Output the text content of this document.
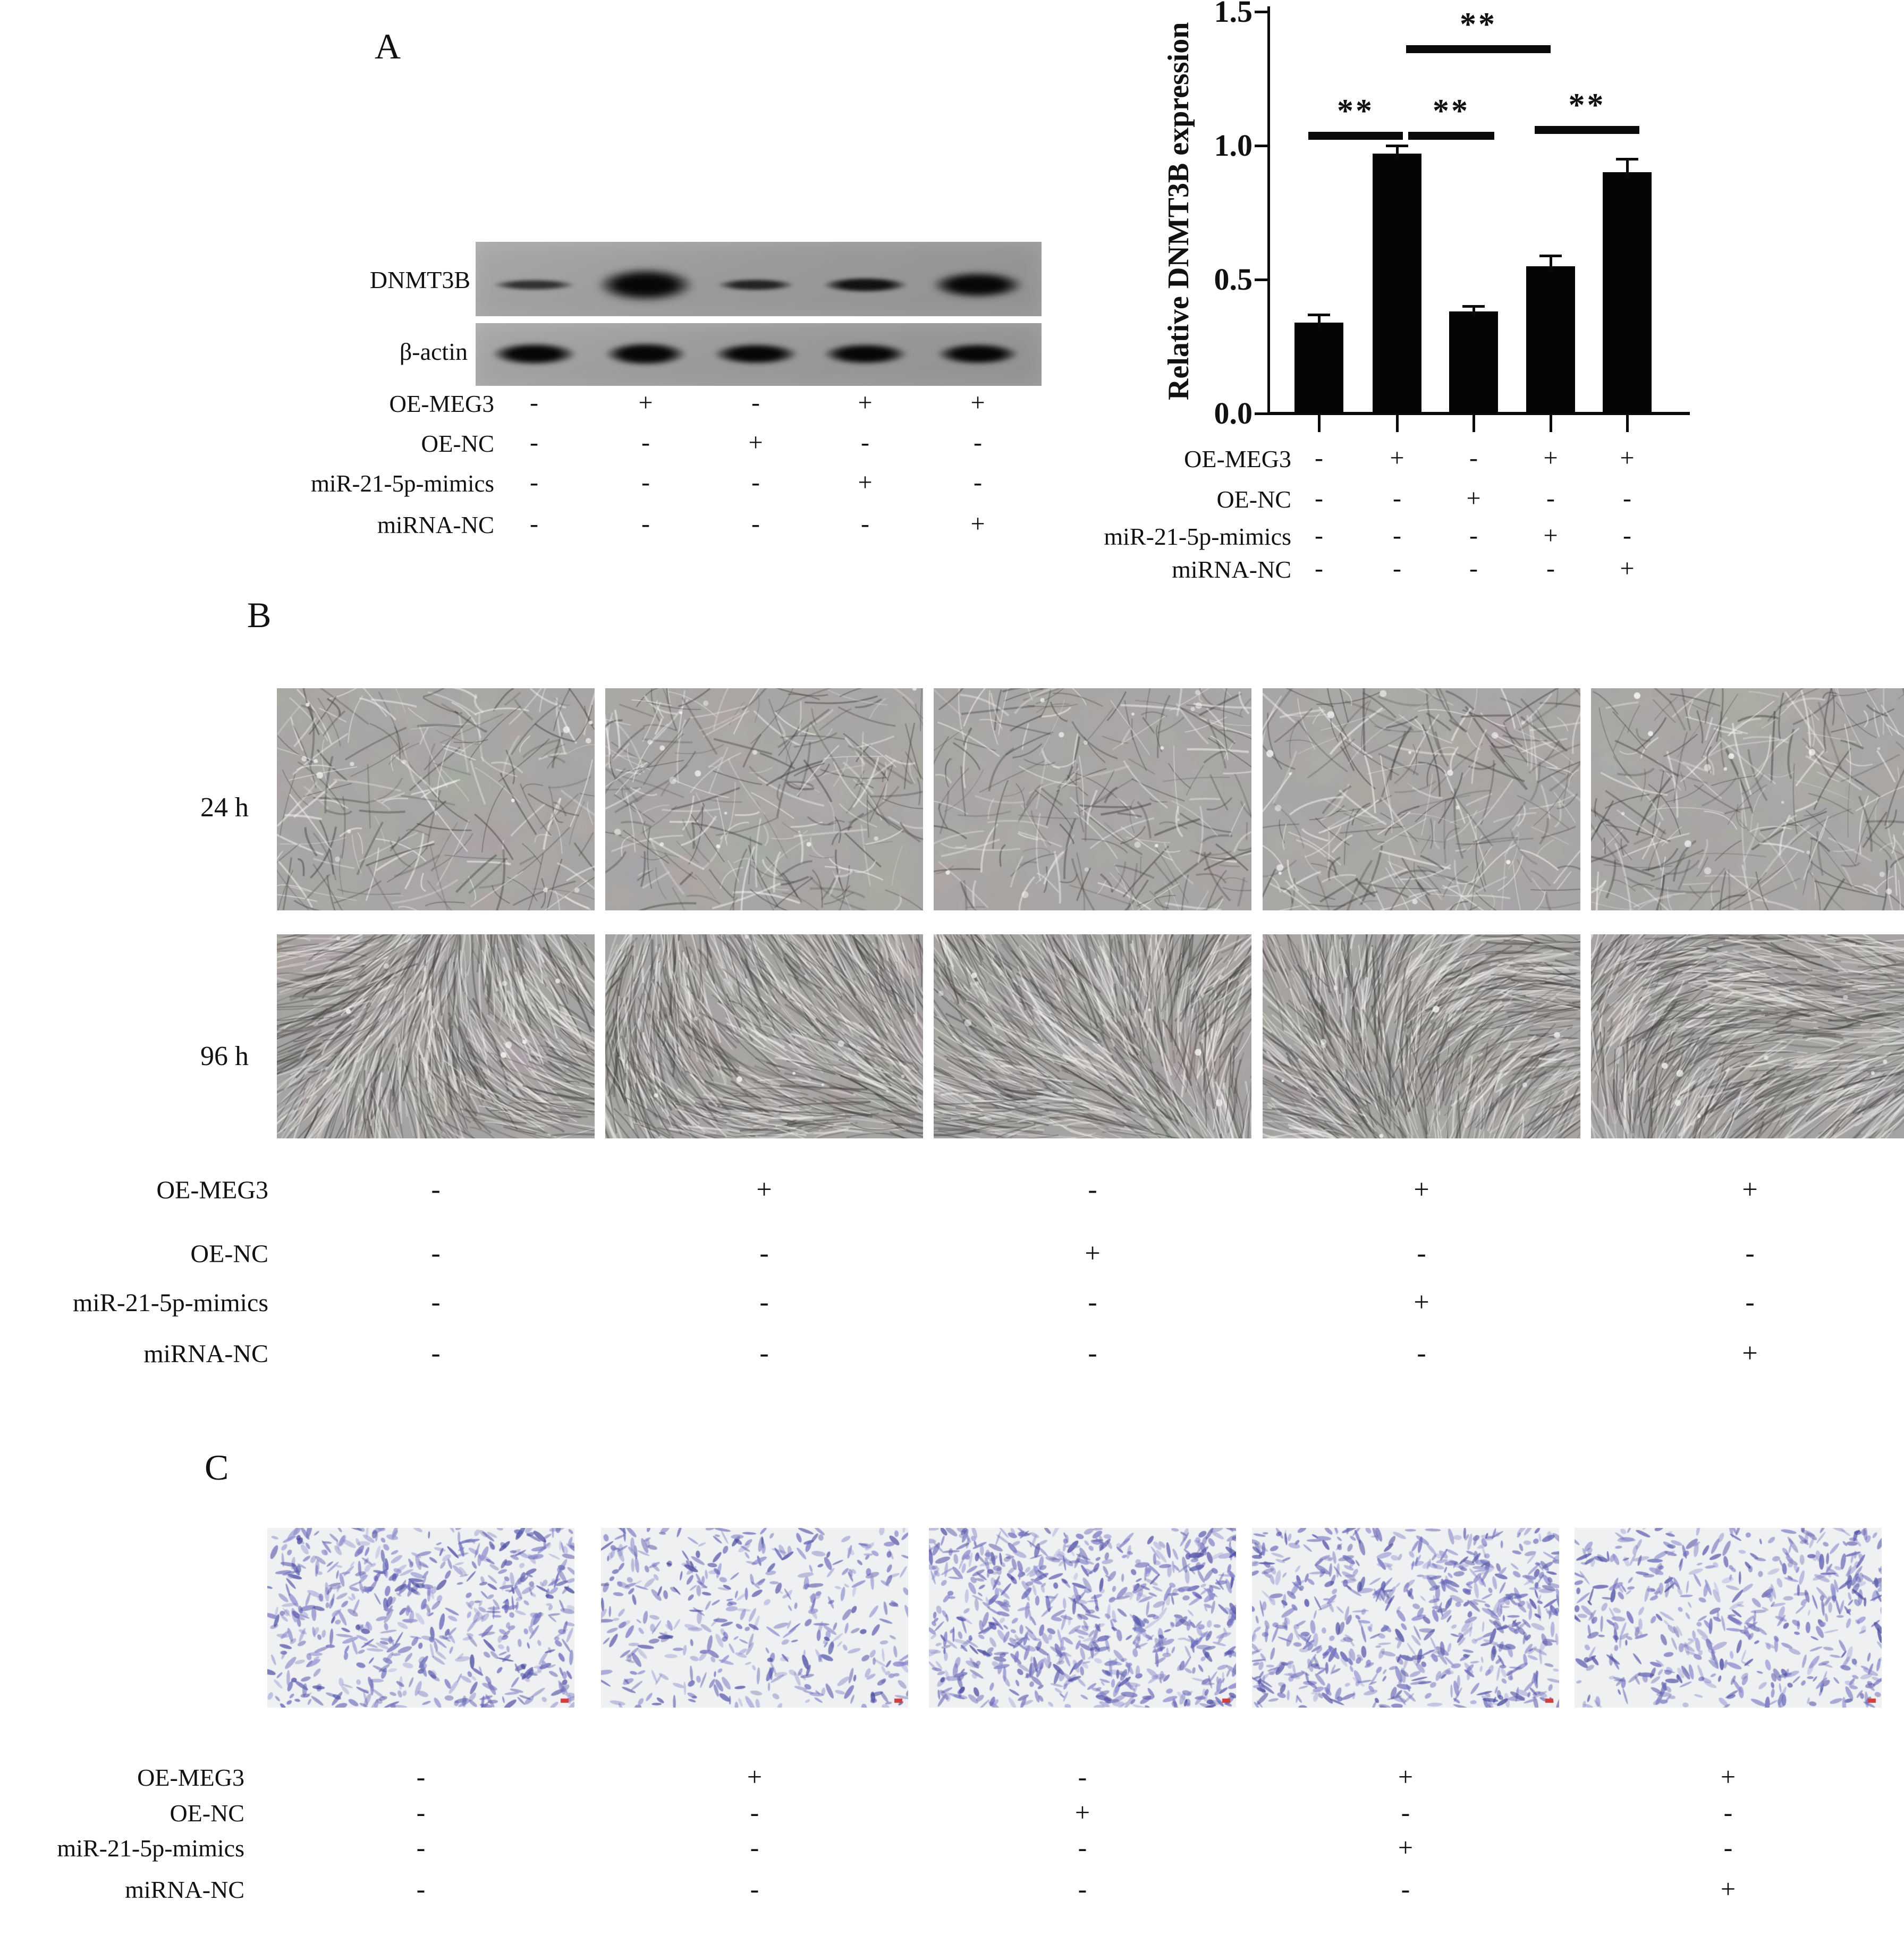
A
B
C
DNMT3B
β-actin	Relative DNMT3B expression
24 h
96 h
OE-MEG3	-	+	-	+	+
OE-NC	-	-	+	-	-
miR-21-5p-mimics	-	-	-	+	-
miRNA-NC	-	-	-	-	+
OE-MEG3 -	+	-	+	+
OE-NC -	-	+	-	-
miR-21-5p-mimics -	-	-	+	-
miRNA-NC -	-	-	-	+
OE-MEG3	-	+	-	+	+
OE-NC	-	-	+	-	-
miR-21-5p-mimics	-	-	-	+	-
miRNA-NC	-	-	-	-	+
OE-MEG3	-	+	-	+	+
OE-NC	-	-	+	-	-
miR-21-5p-mimics	-	-	-	+	-
miRNA-NC	-	-	-	-	+
0.0
0.5
1.0
1.5
**	**	**
**
